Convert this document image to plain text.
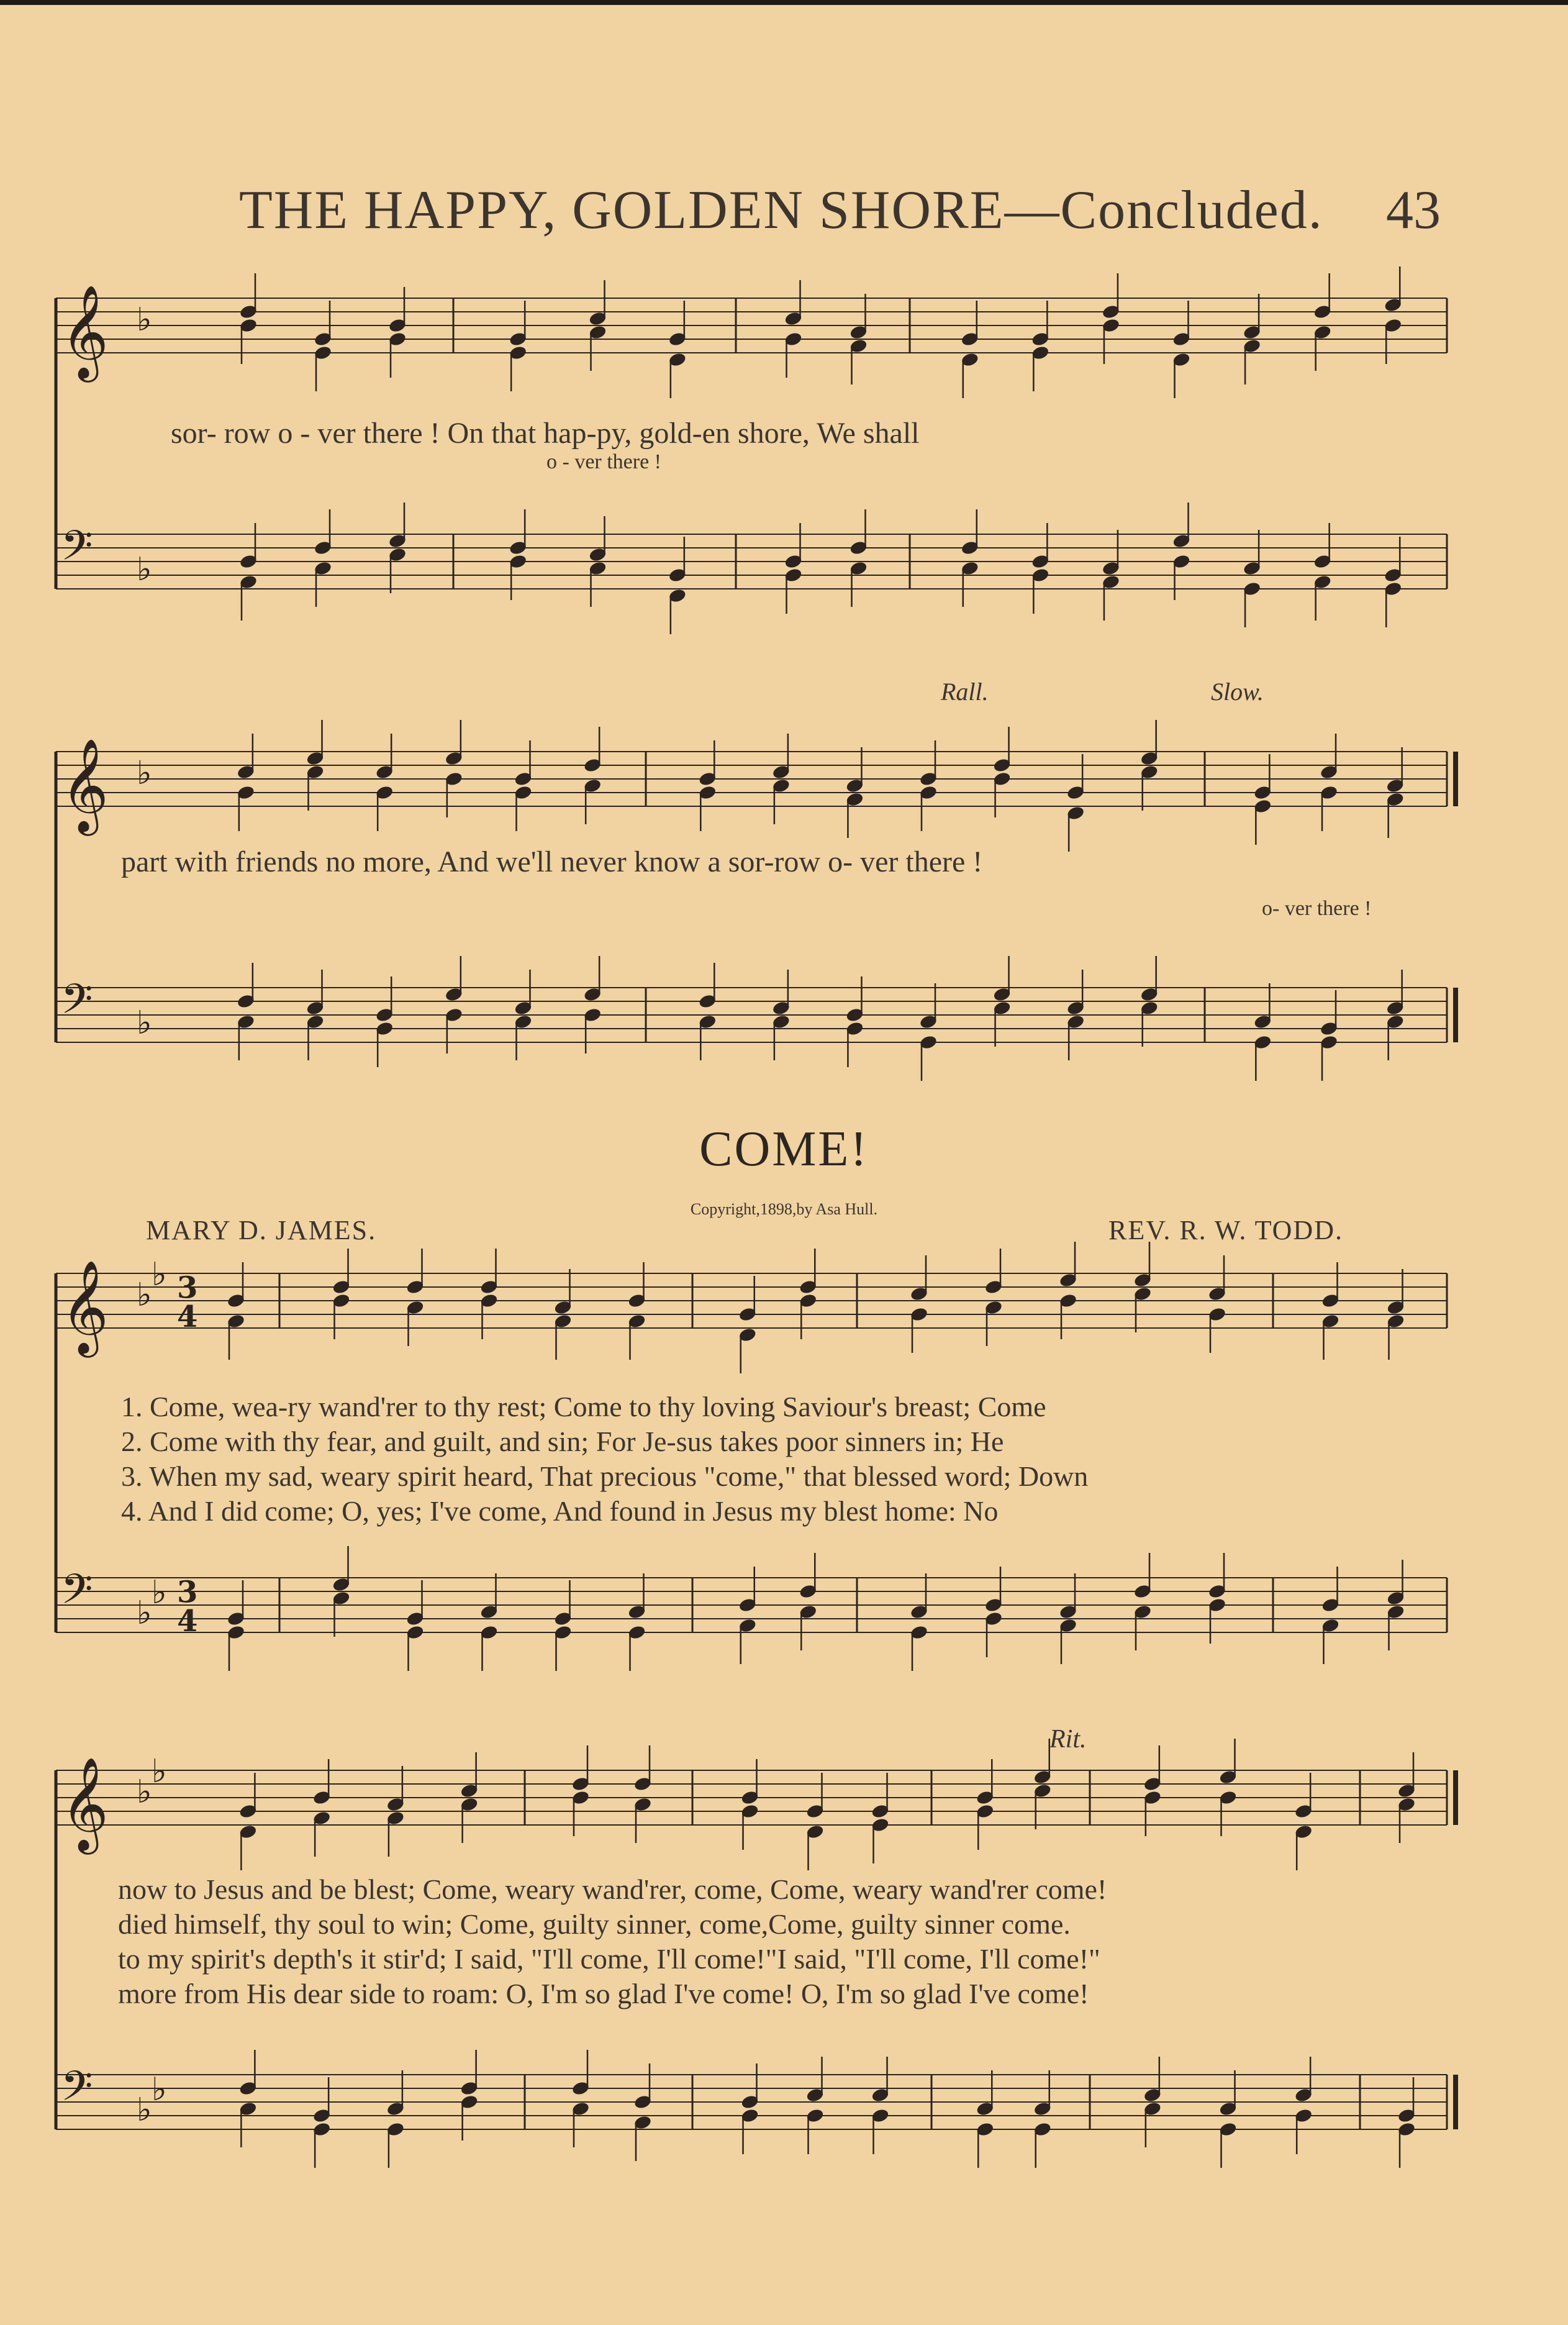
THE HAPPY, GOLDEN SHORE—Concluded. 43
𝄞 ♭
𝄢 ♭
sor- row o - ver there ! On that hap-py, gold-en shore, We shall
o - ver there !
Rall.	Slow.
𝄞 ♭
𝄢 ♭
part with friends no more, And we'll never know a sor-row o- ver there !
o- ver there !
COME!
Copyright,1898,by Asa Hull.
MARY D. JAMES.	REV. R. W. TODD.
𝄞 ♭
♭ 3
4
𝄢 ♭
♭ 3
4
1. Come, wea-ry wand'rer to thy rest; Come to thy loving Saviour's breast; Come
2. Come with thy fear, and guilt, and sin; For Je-sus takes poor sinners in; He
3. When my sad, weary spirit heard, That precious "come," that blessed word; Down
4. And I did come; O, yes; I've come, And found in Jesus my blest home: No
Rit.
𝄞 ♭
♭
𝄢 ♭
♭
now to Jesus and be blest; Come, weary wand'rer, come, Come, weary wand'rer come!
died himself, thy soul to win; Come, guilty sinner, come,Come, guilty sinner come.
to my spirit's depth's it stir'd; I said, "I'll come, I'll come!"I said, "I'll come, I'll come!"
more from His dear side to roam: O, I'm so glad I've come! O, I'm so glad I've come!
